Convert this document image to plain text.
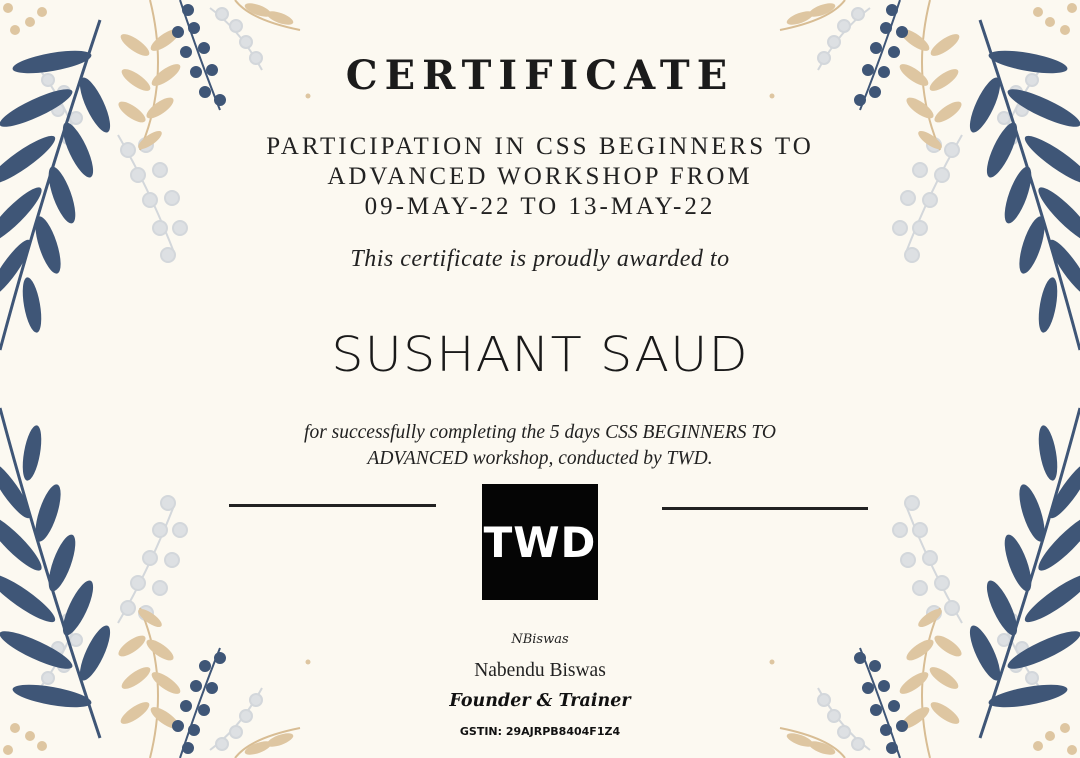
CERTIFICATE
PARTICIPATION IN CSS BEGINNERS TO
ADVANCED WORKSHOP FROM
09-MAY-22 TO 13-MAY-22
This certificate is proudly awarded to
SUSHANT SAUD
for successfully completing the 5 days CSS BEGINNERS TO
ADVANCED workshop, conducted by TWD.
TWD
NBiswas
Nabendu Biswas
Founder & Trainer
GSTIN: 29AJRPB8404F1Z4
